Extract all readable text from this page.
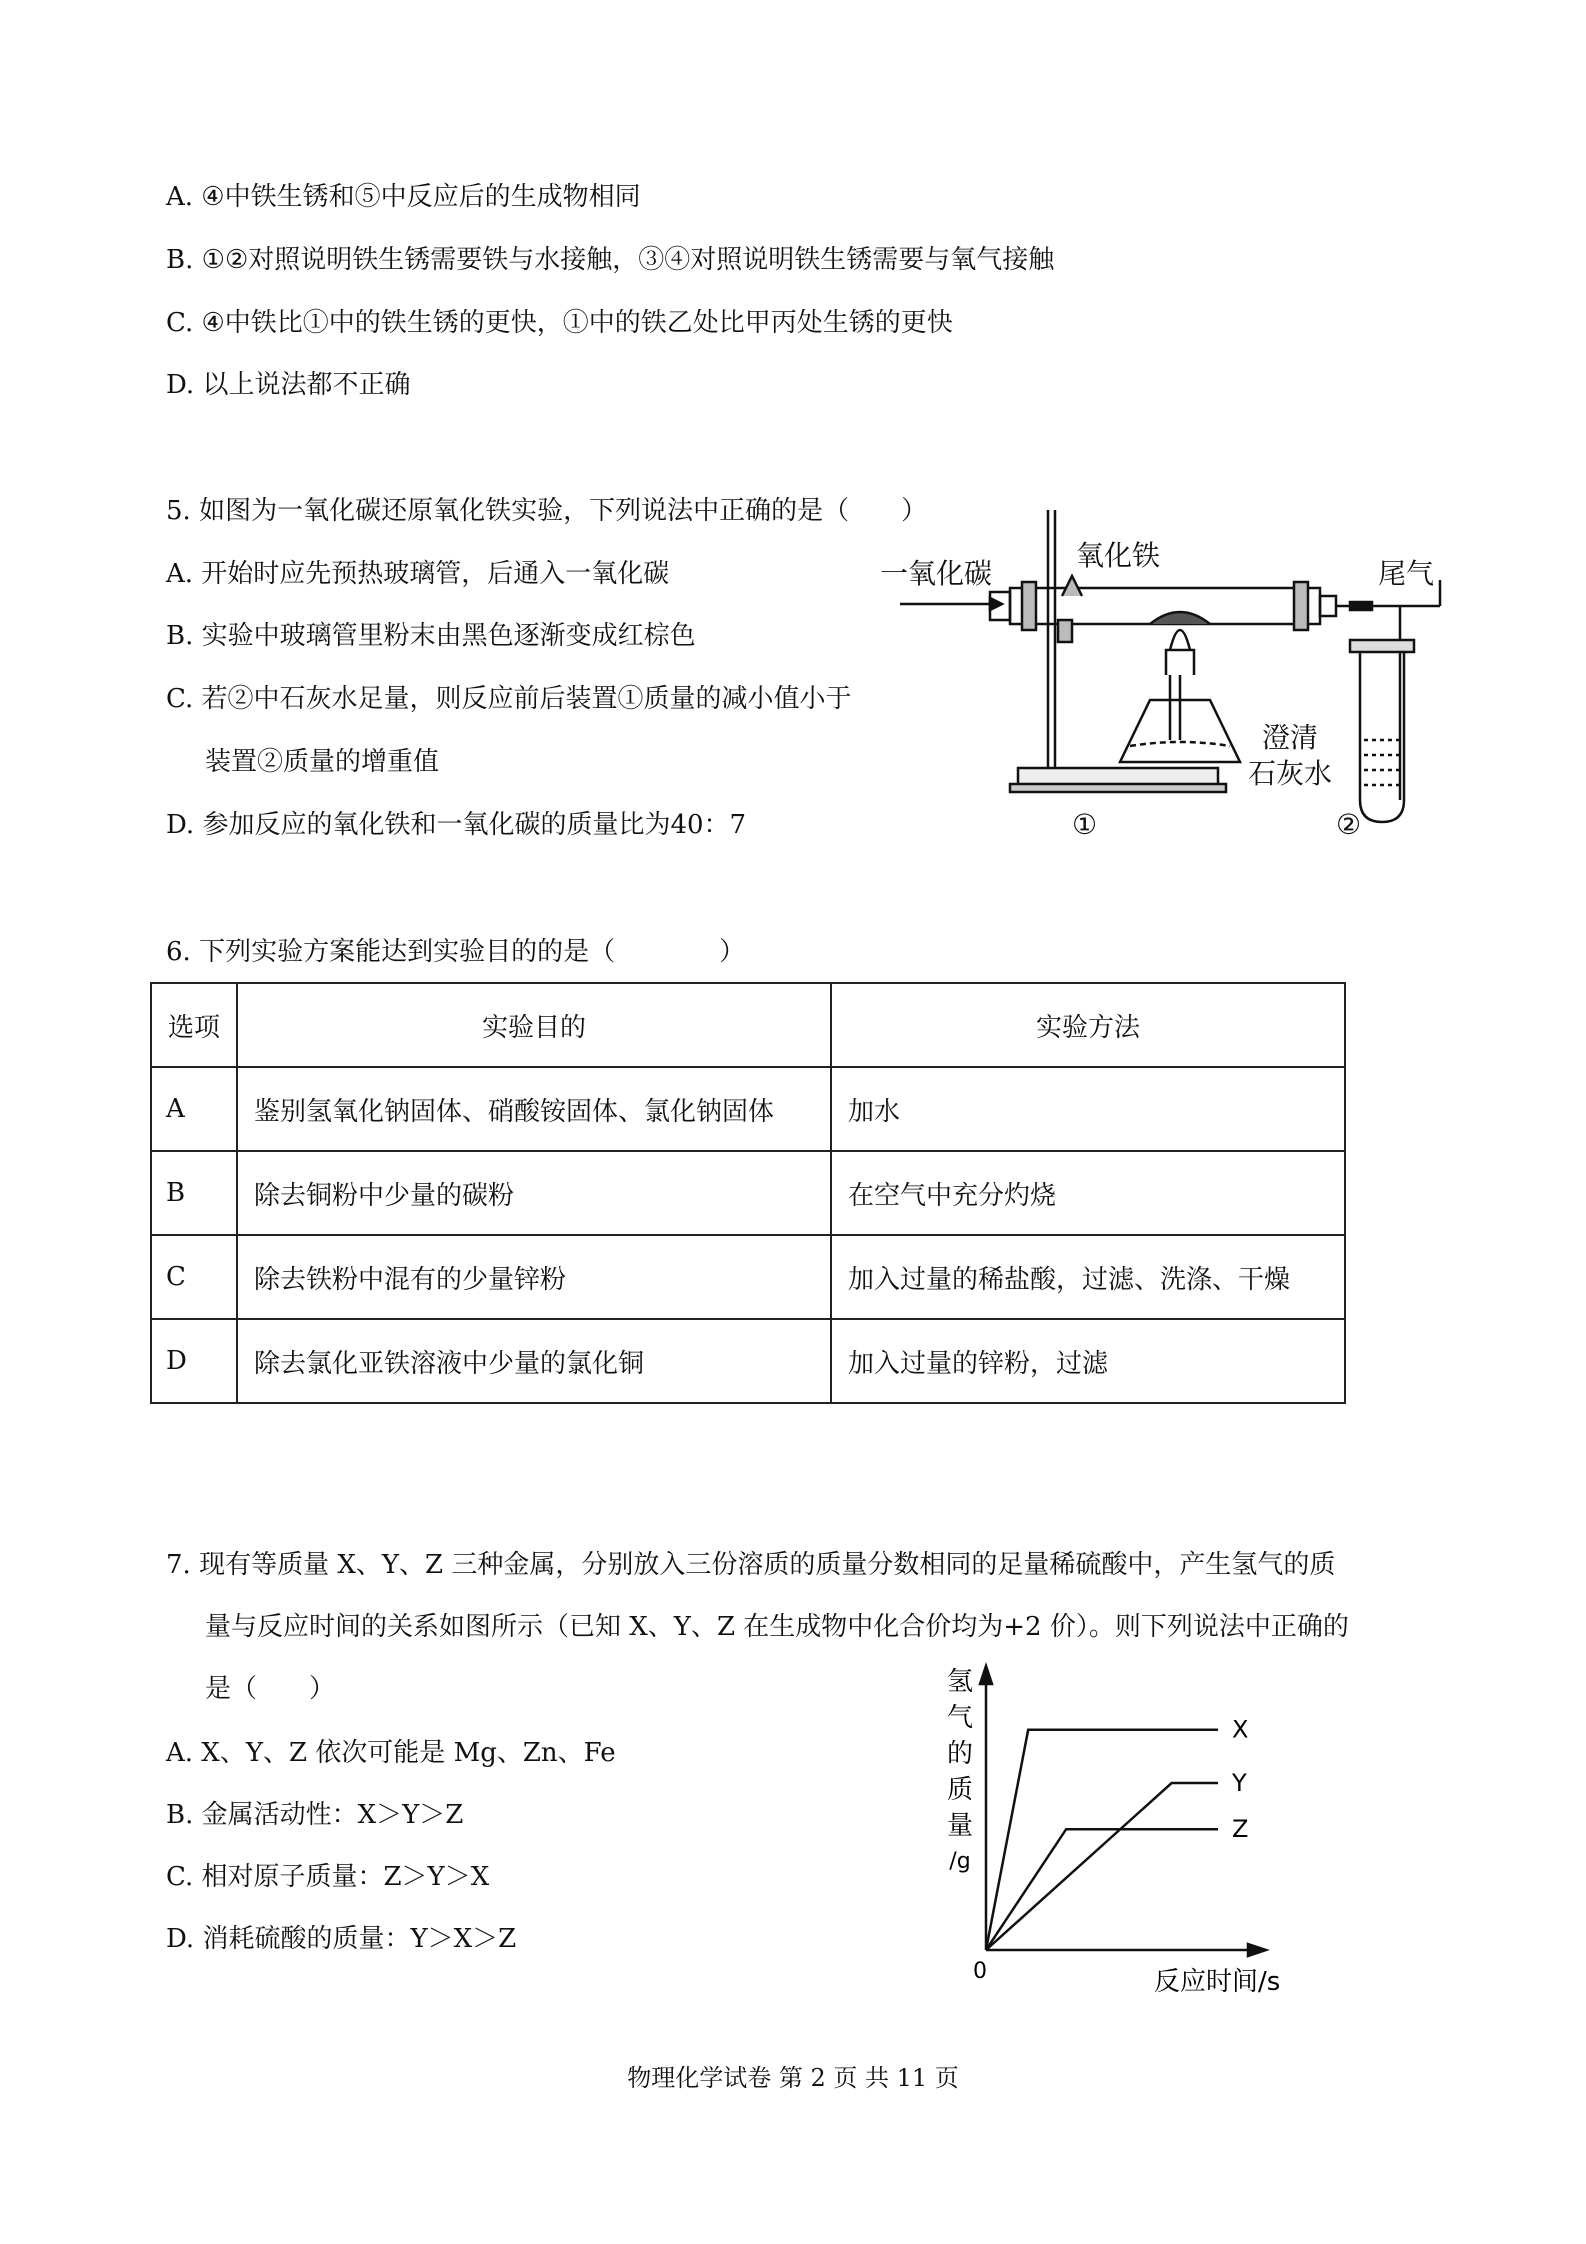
A. ④中铁生锈和⑤中反应后的生成物相同
B. ①②对照说明铁生锈需要铁与水接触，③④对照说明铁生锈需要与氧气接触
C. ④中铁比①中的铁生锈的更快，①中的铁乙处比甲丙处生锈的更快
D. 以上说法都不正确
5. 如图为一氧化碳还原氧化铁实验，下列说法中正确的是（　　）
A. 开始时应先预热玻璃管，后通入一氧化碳
B. 实验中玻璃管里粉末由黑色逐渐变成红棕色
C. 若②中石灰水足量，则反应前后装置①质量的减小值小于
装置②质量的增重值
D. 参加反应的氧化铁和一氧化碳的质量比为40：7
一氧化碳
氧化铁
尾气
澄清
石灰水
①	②
6. 下列实验方案能达到实验目的的是（　　　　）
选项	实验目的	实验方法
A	鉴别氢氧化钠固体、硝酸铵固体、氯化钠固体	加水
B	除去铜粉中少量的碳粉	在空气中充分灼烧
C	除去铁粉中混有的少量锌粉	加入过量的稀盐酸，过滤、洗涤、干燥
D	除去氯化亚铁溶液中少量的氯化铜	加入过量的锌粉，过滤
7. 现有等质量 X、Y、Z 三种金属，分别放入三份溶质的质量分数相同的足量稀硫酸中，产生氢气的质
量与反应时间的关系如图所示（已知 X、Y、Z 在生成物中化合价均为+2 价）。则下列说法中正确的
是（　　）
A. X、Y、Z 依次可能是 Mg、Zn、Fe
B. 金属活动性：X＞Y＞Z
C. 相对原子质量：Z＞Y＞X
D. 消耗硫酸的质量：Y＞X＞Z
X
Y
Z
0	反应时间/s
氢
气
的
质
量
/g
物理化学试卷 第 2 页 共 11 页
